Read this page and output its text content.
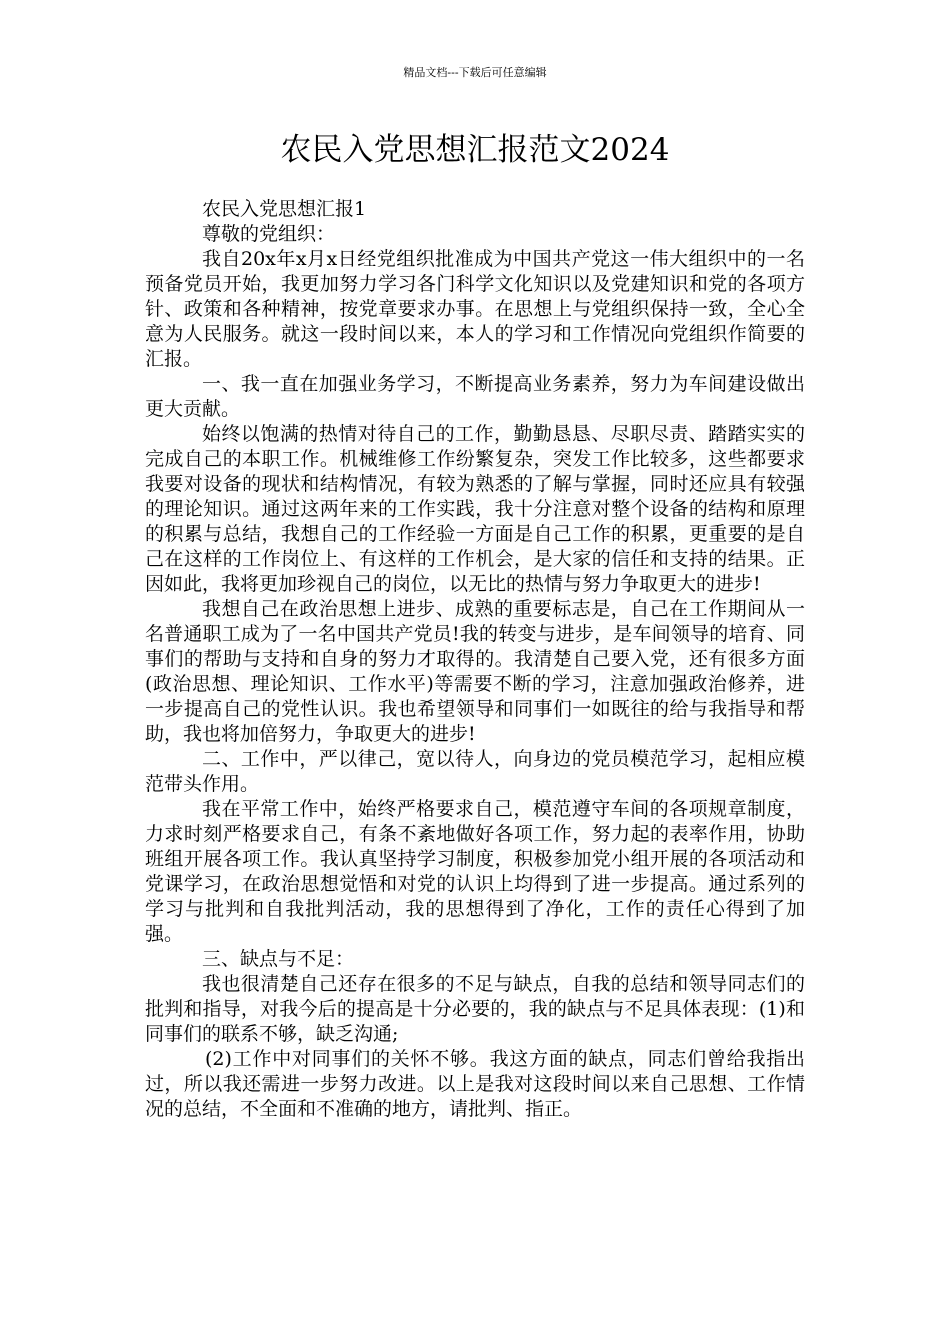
精品文档---下载后可任意编辑
农民入党思想汇报范文2024

农民入党思想汇报1

尊敬的党组织：

我自20x年x月x日经党组织批准成为中国共产党这一伟大组织中的一名预备党员开始，我更加努力学习各门科学文化知识以及党建知识和党的各项方针、政策和各种精神，按党章要求办事。在思想上与党组织保持一致，全心全意为人民服务。就这一段时间以来，本人的学习和工作情况向党组织作简要的汇报。

一、我一直在加强业务学习，不断提高业务素养，努力为车间建设做出更大贡献。

始终以饱满的热情对待自己的工作，勤勤恳恳、尽职尽责、踏踏实实的完成自己的本职工作。机械维修工作纷繁复杂，突发工作比较多，这些都要求我要对设备的现状和结构情况，有较为熟悉的了解与掌握，同时还应具有较强的理论知识。通过这两年来的工作实践，我十分注意对整个设备的结构和原理的积累与总结，我想自己的工作经验一方面是自己工作的积累，更重要的是自己在这样的工作岗位上、有这样的工作机会，是大家的信任和支持的结果。正因如此，我将更加珍视自己的岗位，以无比的热情与努力争取更大的进步!

我想自己在政治思想上进步、成熟的重要标志是，自己在工作期间从一名普通职工成为了一名中国共产党员!我的转变与进步，是车间领导的培育、同事们的帮助与支持和自身的努力才取得的。我清楚自己要入党，还有很多方面(政治思想、理论知识、工作水平)等需要不断的学习，注意加强政治修养，进一步提高自己的党性认识。我也希望领导和同事们一如既往的给与我指导和帮助，我也将加倍努力，争取更大的进步!

二、工作中，严以律己，宽以待人，向身边的党员模范学习，起相应模范带头作用。

我在平常工作中，始终严格要求自己，模范遵守车间的各项规章制度，力求时刻严格要求自己，有条不紊地做好各项工作，努力起的表率作用，协助班组开展各项工作。我认真坚持学习制度，积极参加党小组开展的各项活动和党课学习，在政治思想觉悟和对党的认识上均得到了进一步提高。通过系列的学习与批判和自我批判活动，我的思想得到了净化，工作的责任心得到了加强。

三、缺点与不足：

我也很清楚自己还存在很多的不足与缺点，自我的总结和领导同志们的批判和指导，对我今后的提高是十分必要的，我的缺点与不足具体表现：(1)和同事们的联系不够，缺乏沟通;

(2)工作中对同事们的关怀不够。我这方面的缺点，同志们曾给我指出过，所以我还需进一步努力改进。以上是我对这段时间以来自己思想、工作情况的总结，不全面和不准确的地方，请批判、指正。
